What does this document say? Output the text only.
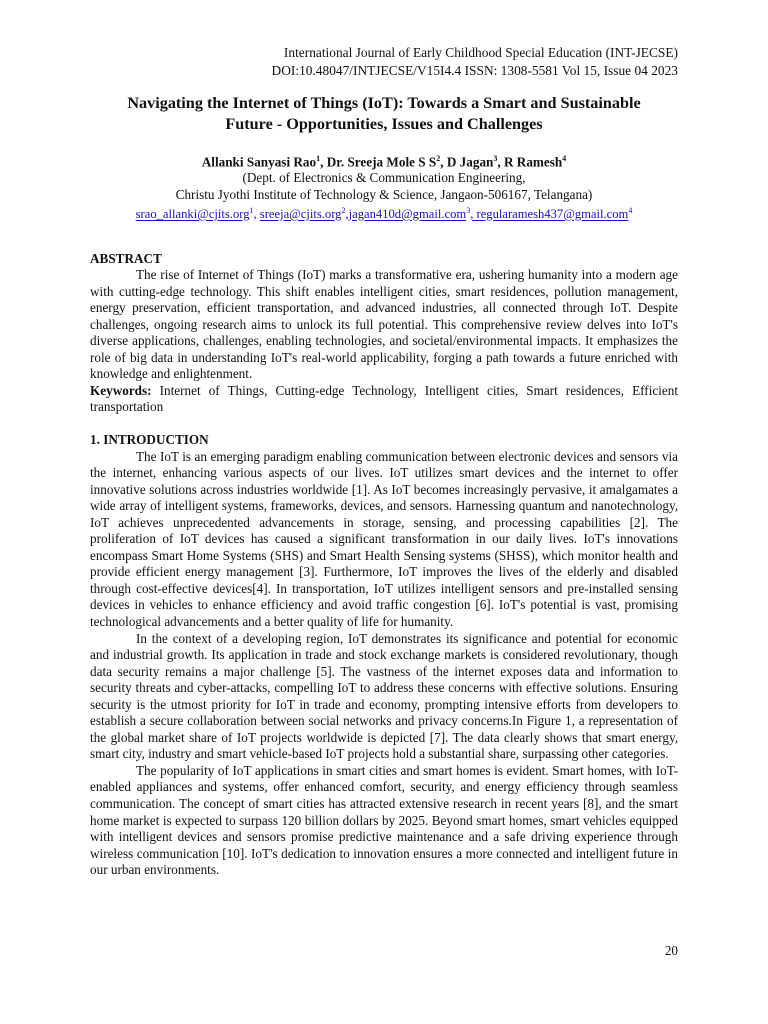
International Journal of Early Childhood Special Education (INT-JECSE)
DOI:10.48047/INTJECSE/V15I4.4 ISSN: 1308-5581 Vol 15, Issue 04 2023
Navigating the Internet of Things (IoT): Towards a Smart and Sustainable
Future - Opportunities, Issues and Challenges
Allanki Sanyasi Rao$^1$, Dr. Sreeja Mole S $S^2$, D Jagan$^3$, R Ramesh$^4$
(Dept. of Electronics & Communication Engineering,
Christu Jyothi Institute of Technology & Science, Jangaon-506167, Telangana)
srao_allanki@cjits.org$^1$, sreeja@cjits.org$^2$,jagan410d@gmail.com$^3$, regularamesh437@gmail.com$^4$
ABSTRACT

The rise of Internet of Things (IoT) marks a transformative era, ushering humanity into a modern age with cutting-edge technology. This shift enables intelligent cities, smart residences, pollution management, energy preservation, efficient transportation, and advanced industries, all connected through IoT. Despite challenges, ongoing research aims to unlock its full potential. This comprehensive review delves into IoT's diverse applications, challenges, enabling technologies, and societal/environmental impacts. It emphasizes the role of big data in understanding IoT's real-world applicability, forging a path towards a future enriched with knowledge and enlightenment.

Keywords: Internet of Things, Cutting-edge Technology, Intelligent cities, Smart residences, Efficient transportation

1. INTRODUCTION

The IoT is an emerging paradigm enabling communication between electronic devices and sensors via the internet, enhancing various aspects of our lives. IoT utilizes smart devices and the internet to offer innovative solutions across industries worldwide [1]. As IoT becomes increasingly pervasive, it amalgamates a wide array of intelligent systems, frameworks, devices, and sensors. Harnessing quantum and nanotechnology, IoT achieves unprecedented advancements in storage, sensing, and processing capabilities [2]. The proliferation of IoT devices has caused a significant transformation in our daily lives. IoT's innovations encompass Smart Home Systems (SHS) and Smart Health Sensing systems (SHSS), which monitor health and provide efficient energy management [3]. Furthermore, IoT improves the lives of the elderly and disabled through cost-effective devices[4]. In transportation, IoT utilizes intelligent sensors and pre-installed sensing devices in vehicles to enhance efficiency and avoid traffic congestion [6]. IoT's potential is vast, promising technological advancements and a better quality of life for humanity.

In the context of a developing region, IoT demonstrates its significance and potential for economic and industrial growth. Its application in trade and stock exchange markets is considered revolutionary, though data security remains a major challenge [5]. The vastness of the internet exposes data and information to security threats and cyber-attacks, compelling IoT to address these concerns with effective solutions. Ensuring security is the utmost priority for IoT in trade and economy, prompting intensive efforts from developers to establish a secure collaboration between social networks and privacy concerns.In Figure 1, a representation of the global market share of IoT projects worldwide is depicted [7]. The data clearly shows that smart energy, smart city, industry and smart vehicle-based IoT projects hold a substantial share, surpassing other categories.

The popularity of IoT applications in smart cities and smart homes is evident. Smart homes, with IoT-enabled appliances and systems, offer enhanced comfort, security, and energy efficiency through seamless communication. The concept of smart cities has attracted extensive research in recent years [8], and the smart home market is expected to surpass 120 billion dollars by 2025. Beyond smart homes, smart vehicles equipped with intelligent devices and sensors promise predictive maintenance and a safe driving experience through wireless communication [10]. IoT's dedication to innovation ensures a more connected and intelligent future in our urban environments.

20
